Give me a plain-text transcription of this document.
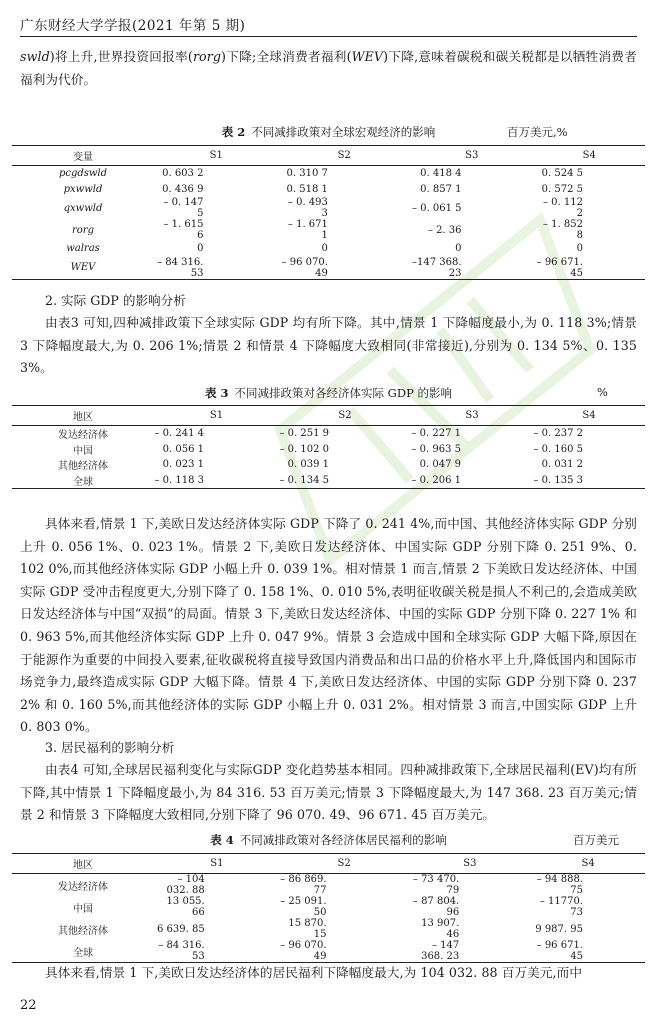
广东财经大学学报(2021 年第 5 期)

swld)将上升,世界投资回报率(rorg)下降;全球消费者福利(WEV)下降,意味着碳税和碳关税都是以牺牲消费者福利为代价。

表 2 不同减排政策对全球宏观经济的影响	百万美元,%
变量	S1	S2	S3	S4
pcgdswld	0. 603 2	0. 310 7	0. 418 4	0. 524 5
pxwwld	0. 436 9	0. 518 1	0. 857 1	0. 572 5
qxwwld	– 0. 147 5	– 0. 493 3	– 0. 061 5	– 0. 112 2
rorg	– 1. 615 6	– 1. 671 1	– 2. 36	– 1. 852 8
walras	0	0	0	0
WEV	– 84 316. 53	– 96 070. 49	–147 368. 23	– 96 671. 45
2. 实际 GDP 的影响分析

由表3 可知,四种减排政策下全球实际 GDP 均有所下降。其中,情景 1 下降幅度最小,为 0. 118 3%;情景 3 下降幅度最大,为 0. 206 1%;情景 2 和情景 4 下降幅度大致相同(非常接近),分别为 0. 134 5%、0. 135 3%。

表 3 不同减排政策对各经济体实际 GDP 的影响	%
地区	S1	S2	S3	S4
发达经济体	– 0. 241 4	– 0. 251 9	– 0. 227 1	– 0. 237 2
中国	0. 056 1	– 0. 102 0	– 0. 963 5	– 0. 160 5
其他经济体	0. 023 1	0. 039 1	0. 047 9	0. 031 2
全球	– 0. 118 3	– 0. 134 5	– 0. 206 1	– 0. 135 3

具体来看,情景 1 下,美欧日发达经济体实际 GDP 下降了 0. 241 4%,而中国、其他经济体实际 GDP 分别上升 0. 056 1%、0. 023 1%。情景 2 下,美欧日发达经济体、中国实际 GDP 分别下降 0. 251 9%、0. 102 0%,而其他经济体实际 GDP 小幅上升 0. 039 1%。相对情景 1 而言,情景 2 下美欧日发达经济体、中国实际 GDP 受冲击程度更大,分别下降了 0. 158 1%、0. 010 5%,表明征收碳关税是损人不利己的,会造成美欧日发达经济体与中国“双损”的局面。情景 3 下,美欧日发达经济体、中国的实际 GDP 分别下降 0. 227 1% 和 0. 963 5%,而其他经济体实际 GDP 上升 0. 047 9%。情景 3 会造成中国和全球实际 GDP 大幅下降,原因在于能源作为重要的中间投入要素,征收碳税将直接导致国内消费品和出口品的价格水平上升,降低国内和国际市场竞争力,最终造成实际 GDP 大幅下降。情景 4 下,美欧日发达经济体、中国的实际 GDP 分别下降 0. 237 2% 和 0. 160 5%,而其他经济体的实际 GDP 小幅上升 0. 031 2%。相对情景 3 而言,中国实际 GDP 上升 0. 803 0%。

3. 居民福利的影响分析

由表4 可知,全球居民福利变化与实际GDP 变化趋势基本相同。四种减排政策下,全球居民福利(EV)均有所下降,其中情景 1 下降幅度最小,为 84 316. 53 百万美元;情景 3 下降幅度最大,为 147 368. 23 百万美元;情景 2 和情景 3 下降幅度大致相同,分别下降了 96 070. 49、96 671. 45 百万美元。

表 4 不同减排政策对各经济体居民福利的影响	百万美元
地区	S1	S2	S3	S4
发达经济体	– 104 032. 88	– 86 869. 77	– 73 470. 79	– 94 888. 75
中国	13 055. 66	– 25 091. 50	– 87 804. 96	– 11770. 73
其他经济体	6 639. 85	15 870. 15	13 907. 46	9 987. 95
全球	– 84 316. 53	– 96 070. 49	– 147 368. 23	– 96 671. 45

具体来看,情景 1 下,美欧日发达经济体的居民福利下降幅度最大,为 104 032. 88 百万美元,而中

22
